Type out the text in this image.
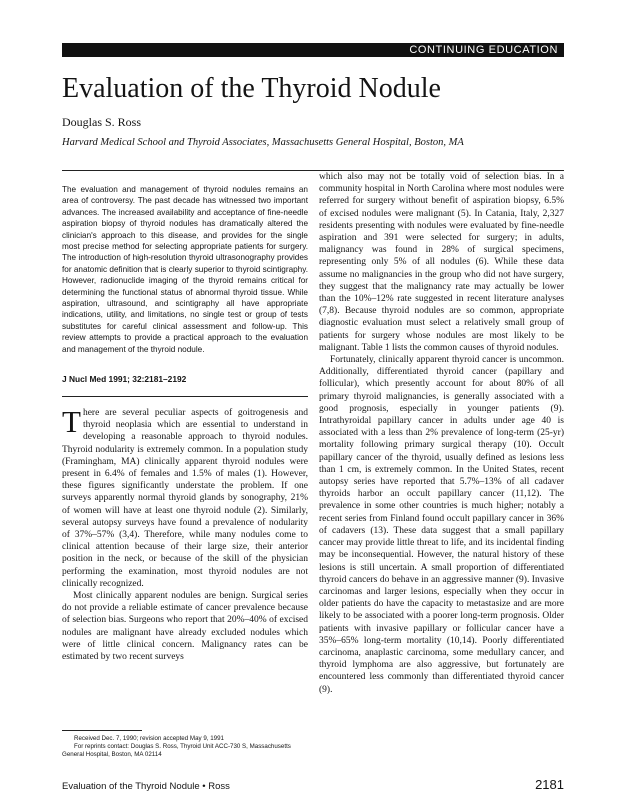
CONTINUING EDUCATION
Evaluation of the Thyroid Nodule
Douglas S. Ross
Harvard Medical School and Thyroid Associates, Massachusetts General Hospital, Boston, MA

The evaluation and management of thyroid nodules remains an area of controversy. The past decade has witnessed two important advances. The increased availability and acceptance of fine-needle aspiration biopsy of thyroid nodules has dramatically altered the clinician's approach to this disease, and provides for the single most precise method for selecting appropriate patients for surgery. The introduction of high-resolution thyroid ultrasonography provides for anatomic definition that is clearly superior to thyroid scintigraphy. However, radionuclide imaging of the thyroid remains critical for determining the functional status of abnormal thyroid tissue. While aspiration, ultrasound, and scintigraphy all have appropriate indications, utility, and limitations, no single test or group of tests substitutes for careful clinical assessment and follow-up. This review attempts to provide a practical approach to the evaluation and management of the thyroid nodule.

J Nucl Med 1991; 32:2181–2192

There are several peculiar aspects of goitrogenesis and thyroid neoplasia which are essential to understand in developing a reasonable approach to thyroid nodules. Thyroid nodularity is extremely common. In a population study (Framingham, MA) clinically apparent thyroid nodules were present in 6.4% of females and 1.5% of males (1). However, these figures significantly understate the problem. If one surveys apparently normal thyroid glands by sonography, 21% of women will have at least one thyroid nodule (2). Similarly, several autopsy surveys have found a prevalence of nodularity of 37%–57% (3,4). Therefore, while many nodules come to clinical attention because of their large size, their anterior position in the neck, or because of the skill of the physician performing the examination, most thyroid nodules are not clinically recognized.

Most clinically apparent nodules are benign. Surgical series do not provide a reliable estimate of cancer prevalence because of selection bias. Surgeons who report that 20%–40% of excised nodules are malignant have already excluded nodules which were of little clinical concern. Malignancy rates can be estimated by two recent surveys

which also may not be totally void of selection bias. In a community hospital in North Carolina where most nodules were referred for surgery without benefit of aspiration biopsy, 6.5% of excised nodules were malignant (5). In Catania, Italy, 2,327 residents presenting with nodules were evaluated by fine-needle aspiration and 391 were selected for surgery; in adults, malignancy was found in 28% of surgical specimens, representing only 5% of all nodules (6). While these data assume no malignancies in the group who did not have surgery, they suggest that the malignancy rate may actually be lower than the 10%–12% rate suggested in recent literature analyses (7,8). Because thyroid nodules are so common, appropriate diagnostic evaluation must select a relatively small group of patients for surgery whose nodules are most likely to be malignant. Table 1 lists the common causes of thyroid nodules.

Fortunately, clinically apparent thyroid cancer is uncommon. Additionally, differentiated thyroid cancer (papillary and follicular), which presently account for about 80% of all primary thyroid malignancies, is generally associated with a good prognosis, especially in younger patients (9). Intrathyroidal papillary cancer in adults under age 40 is associated with a less than 2% prevalence of long-term (25-yr) mortality following primary surgical therapy (10). Occult papillary cancer of the thyroid, usually defined as lesions less than 1 cm, is extremely common. In the United States, recent autopsy series have reported that 5.7%–13% of all cadaver thyroids harbor an occult papillary cancer (11,12). The prevalence in some other countries is much higher; notably a recent series from Finland found occult papillary cancer in 36% of cadavers (13). These data suggest that a small papillary cancer may provide little threat to life, and its incidental finding may be inconsequential. However, the natural history of these lesions is still uncertain. A small proportion of differentiated thyroid cancers do behave in an aggressive manner (9). Invasive carcinomas and larger lesions, especially when they occur in older patients do have the capacity to metastasize and are more likely to be associated with a poorer long-term prognosis. Older patients with invasive papillary or follicular cancer have a 35%–65% long-term mortality (10,14). Poorly differentiated carcinoma, anaplastic carcinoma, some medullary cancer, and thyroid lymphoma are also aggressive, but fortunately are encountered less commonly than differentiated thyroid cancer (9).

Received Dec. 7, 1990; revision accepted May 9, 1991
For reprints contact: Douglas S. Ross, Thyroid Unit ACC-730 S, Massachusetts General Hospital, Boston, MA 02114
Evaluation of the Thyroid Nodule • Ross	2181
